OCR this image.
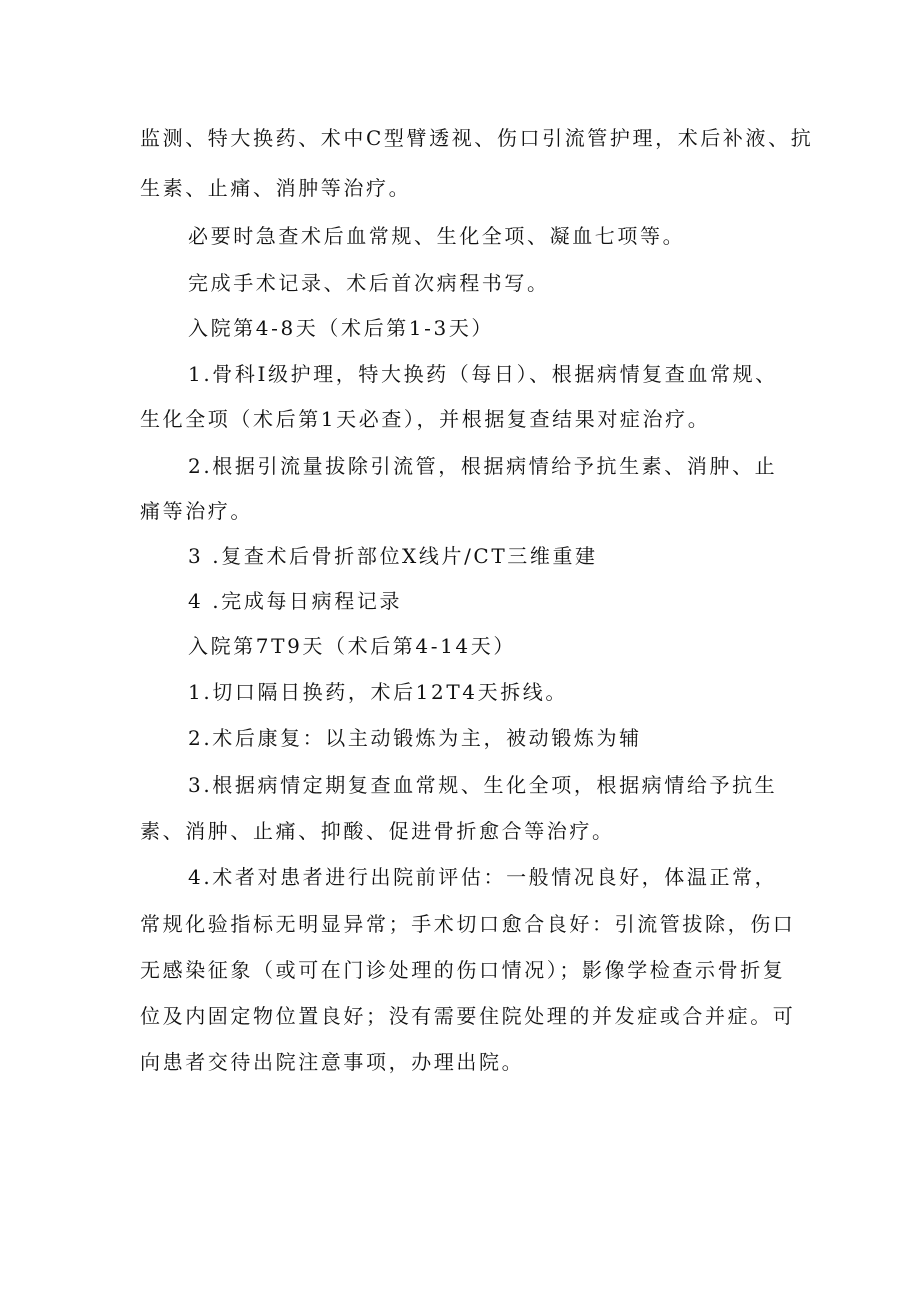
监测、特大换药、术中C型臂透视、伤口引流管护理，术后补液、抗
生素、止痛、消肿等治疗。
必要时急查术后血常规、生化全项、凝血七项等。
完成手术记录、术后首次病程书写。
入院第4-8天（术后第1-3天）
1.骨科I级护理，特大换药（每日）、根据病情复查血常规、
生化全项（术后第1天必查），并根据复查结果对症治疗。
2.根据引流量拔除引流管，根据病情给予抗生素、消肿、止
痛等治疗。
3 .复查术后骨折部位X线片/CT三维重建
4 .完成每日病程记录
入院第7T9天（术后第4-14天）
1.切口隔日换药，术后12T4天拆线。
2.术后康复：以主动锻炼为主，被动锻炼为辅
3.根据病情定期复查血常规、生化全项，根据病情给予抗生
素、消肿、止痛、抑酸、促进骨折愈合等治疗。
4.术者对患者进行出院前评估：一般情况良好，体温正常，
常规化验指标无明显异常；手术切口愈合良好：引流管拔除，伤口
无感染征象（或可在门诊处理的伤口情况）；影像学检查示骨折复
位及内固定物位置良好；没有需要住院处理的并发症或合并症。可
向患者交待出院注意事项，办理出院。
